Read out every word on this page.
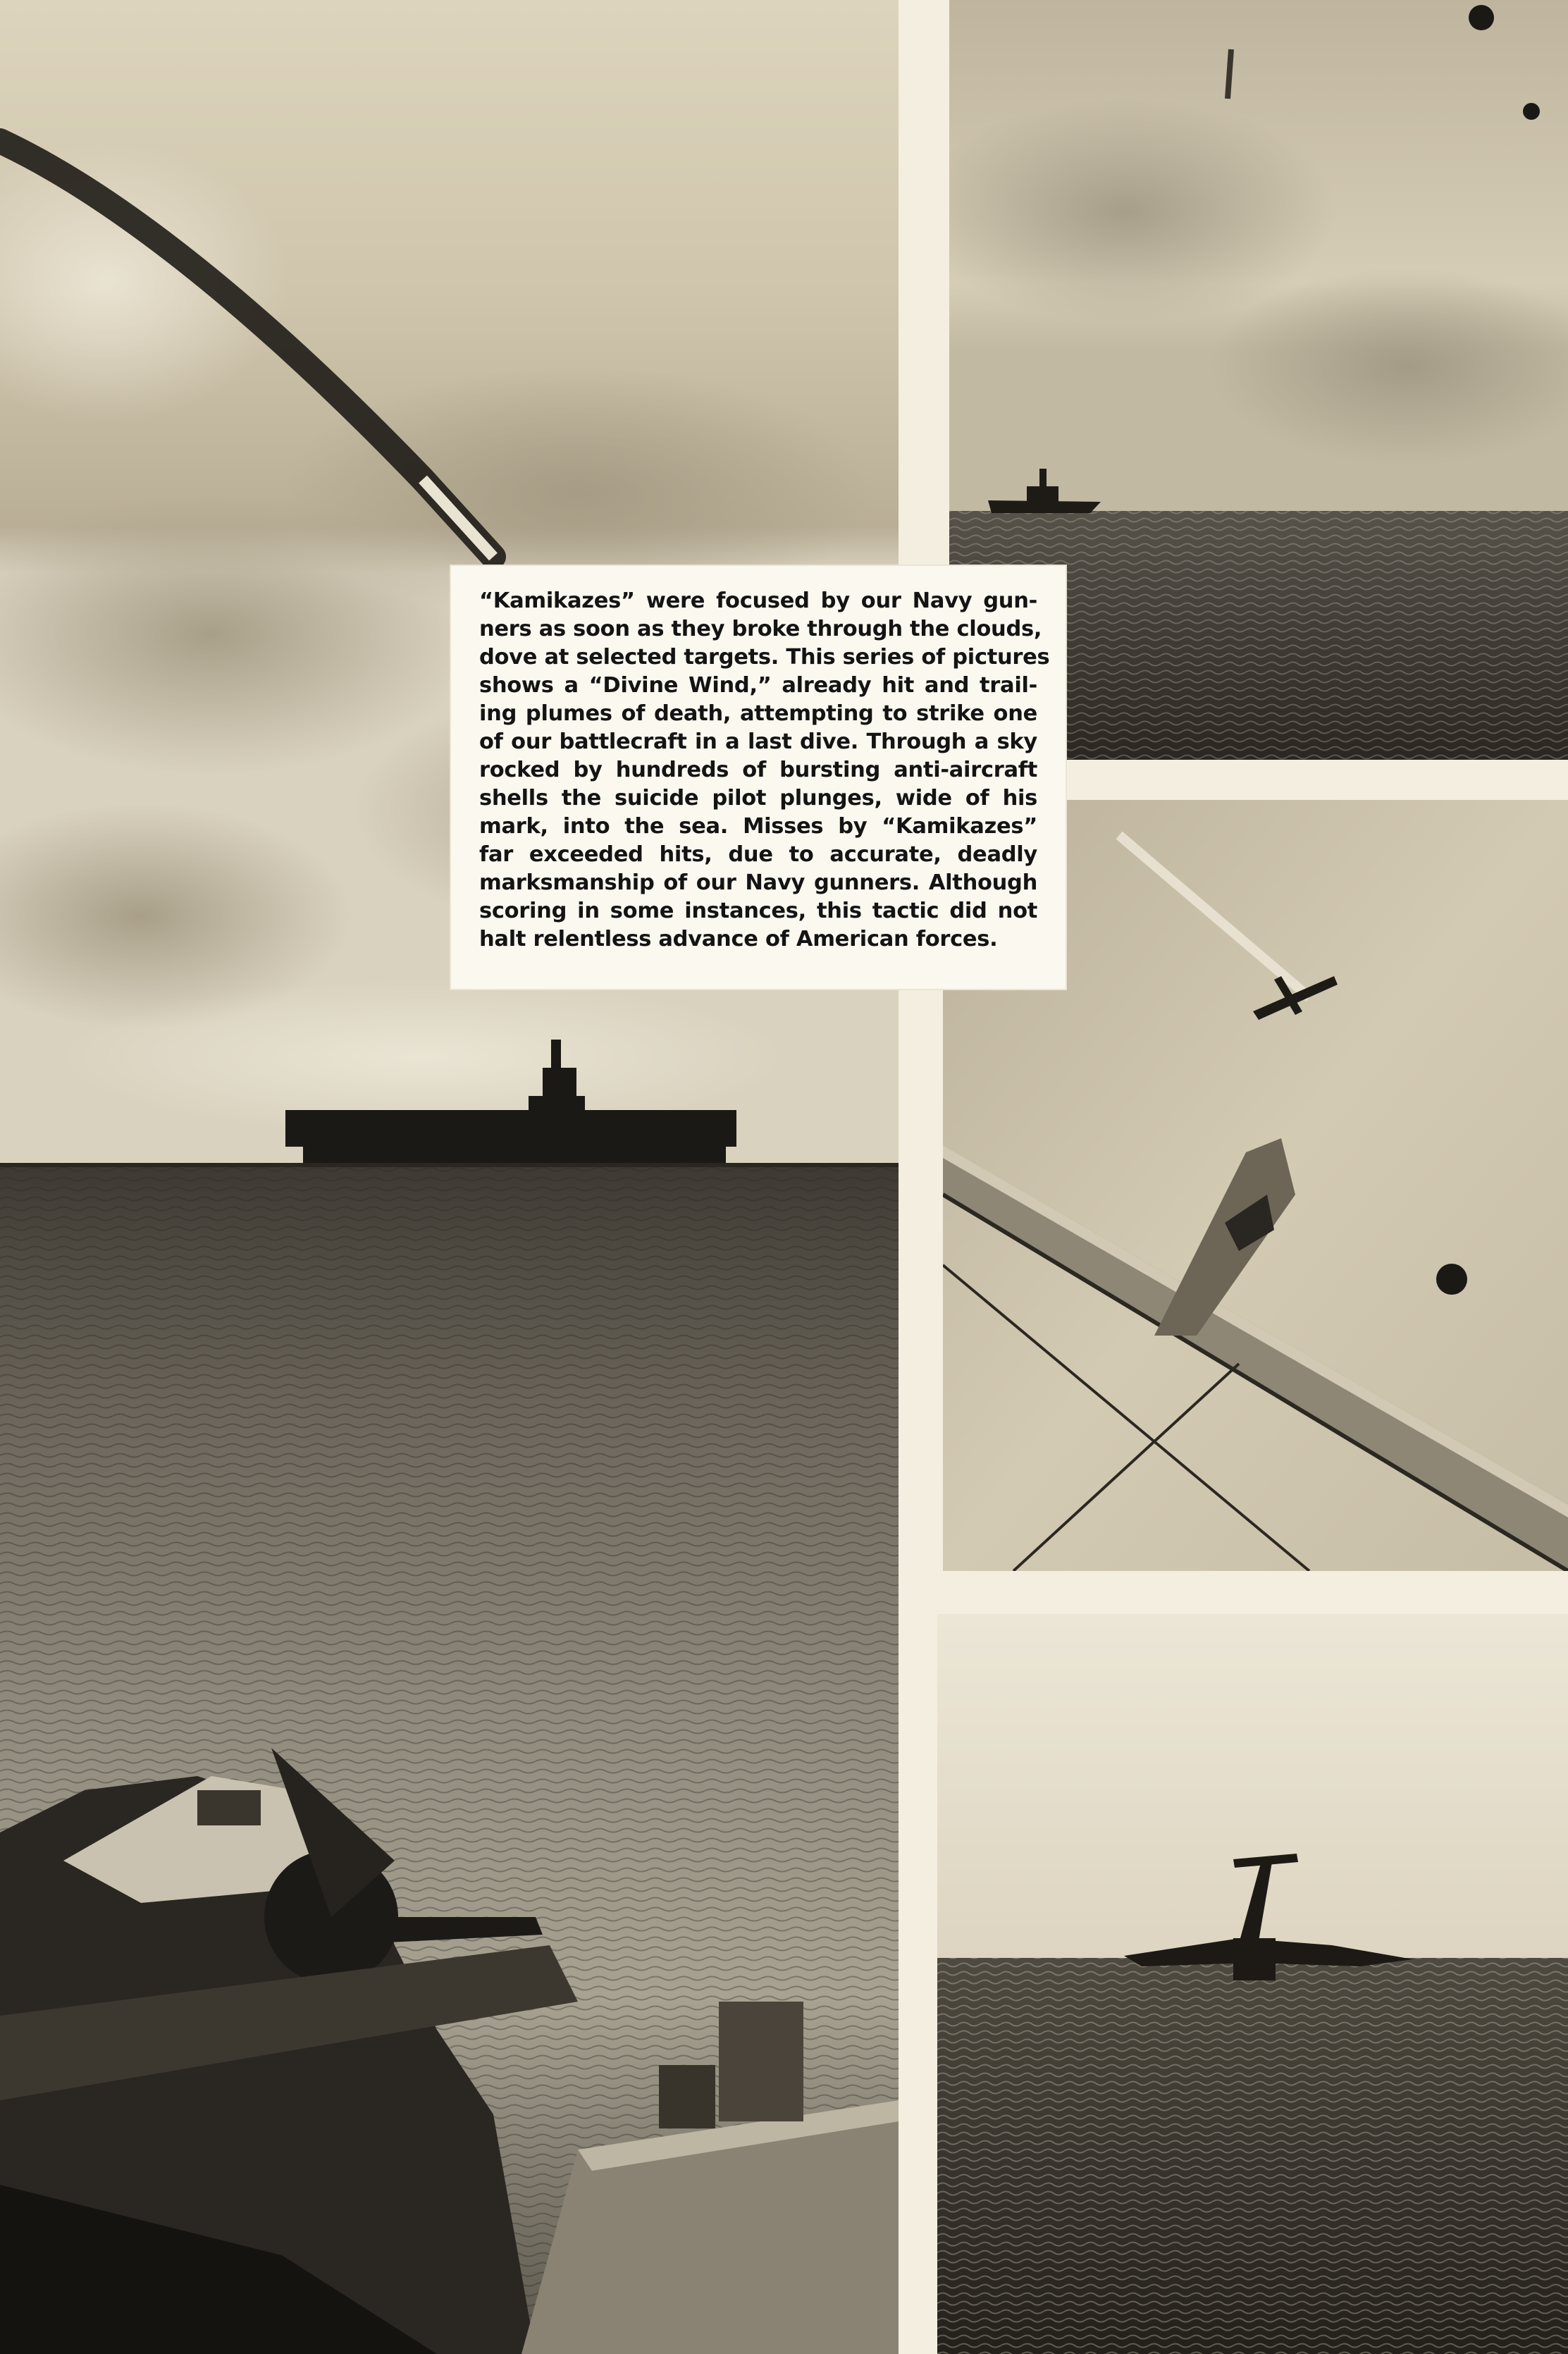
“Kamikazes” were focused by our Navy gun-
ners as soon as they broke through the clouds,
dove at selected targets. This series of pictures
shows a “Divine Wind,” already hit and trail-
ing plumes of death, attempting to strike one
of our battlecraft in a last dive. Through a sky
rocked by hundreds of bursting anti-aircraft
shells the suicide pilot plunges, wide of his
mark, into the sea. Misses by “Kamikazes”
far exceeded hits, due to accurate, deadly
marksmanship of our Navy gunners. Although
scoring in some instances, this tactic did not
halt relentless advance of American forces.
